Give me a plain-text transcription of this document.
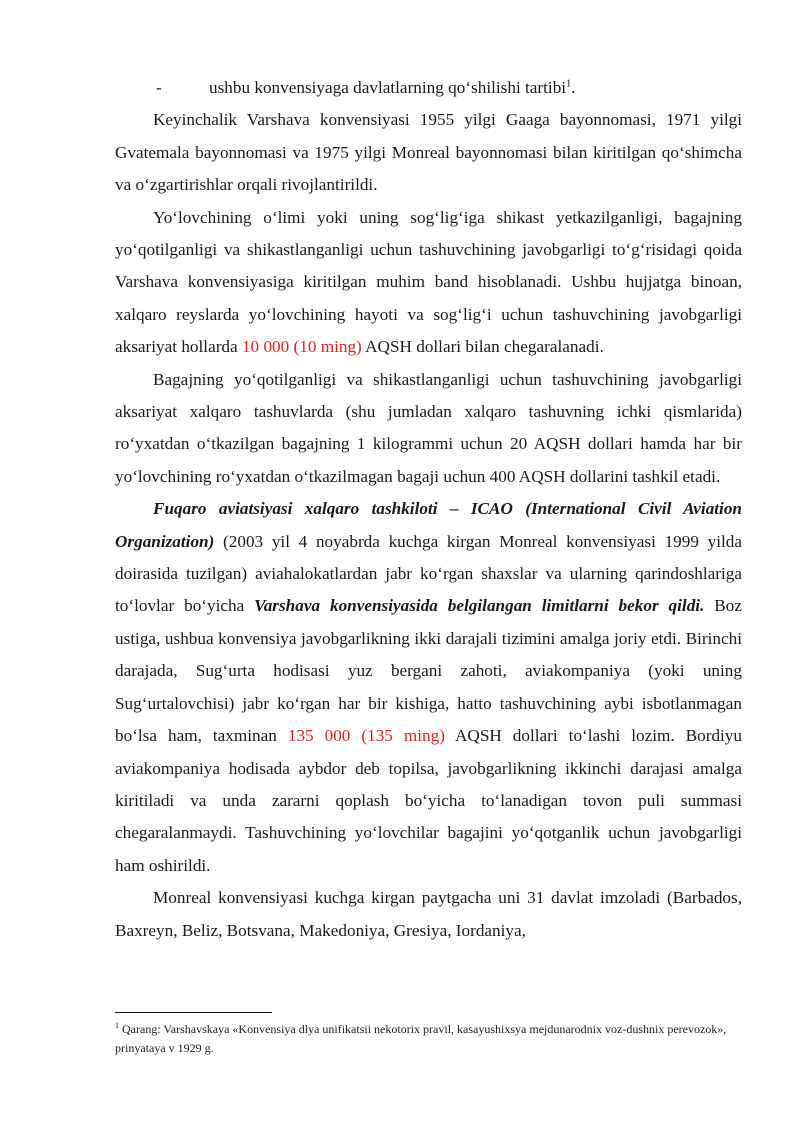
-	ushbu konvensiyaga davlatlarning qo‘shilishi tartibi$^1$.

Keyinchalik Varshava konvensiyasi 1955 yilgi Gaaga bayonnomasi, 1971 yilgi Gvatemala bayonnomasi va 1975 yilgi Monreal bayonnomasi bilan kiritilgan qo‘shimcha va o‘zgartirishlar orqali rivojlantirildi.

Yo‘lovchining o‘limi yoki uning sog‘lig‘iga shikast yetkazilganligi, bagajning yo‘qotilganligi va shikastlanganligi uchun tashuvchining javobgarligi to‘g‘risidagi qoida Varshava konvensiyasiga kiritilgan muhim band hisoblanadi. Ushbu hujjatga binoan, xalqaro reyslarda yo‘lovchining hayoti va sog‘lig‘i uchun tashuvchining javobgarligi aksariyat hollarda 10 000 (10 ming) AQSH dollari bilan chegaralanadi.

Bagajning yo‘qotilganligi va shikastlanganligi uchun tashuvchining javobgarligi aksariyat xalqaro tashuvlarda (shu jumladan xalqaro tashuvning ichki qismlarida) ro‘yxatdan o‘tkazilgan bagajning 1 kilogrammi uchun 20 AQSH dollari hamda har bir yo‘lovchining ro‘yxatdan o‘tkazilmagan bagaji uchun 400 AQSH dollarini tashkil etadi.

Fuqaro aviatsiyasi xalqaro tashkiloti – ICAO (International Civil Aviation Organization) (2003 yil 4 noyabrda kuchga kirgan Monreal konvensiyasi 1999 yilda doirasida tuzilgan) aviahalokatlardan jabr ko‘rgan shaxslar va ularning qarindoshlariga to‘lovlar bo‘yicha Varshava konvensiyasida belgilangan limitlarni bekor qildi. Boz ustiga, ushbua konvensiya javobgarlikning ikki darajali tizimini amalga joriy etdi. Birinchi darajada, Sug‘urta hodisasi yuz bergani zahoti, aviakompaniya (yoki uning Sug‘urtalovchisi) jabr ko‘rgan har bir kishiga, hatto tashuvchining aybi isbotlanmagan bo‘lsa ham, taxminan 135 000 (135 ming) AQSH dollari to‘lashi lozim. Bordiyu aviakompaniya hodisada aybdor deb topilsa, javobgarlikning ikkinchi darajasi amalga kiritiladi va unda zararni qoplash bo‘yicha to‘lanadigan tovon puli summasi chegaralanmaydi. Tashuvchining yo‘lovchilar bagajini yo‘qotganlik uchun javobgarligi ham oshirildi.

Monreal konvensiyasi kuchga kirgan paytgacha uni 31 davlat imzoladi (Barbados, Baxreyn, Beliz, Botsvana, Makedoniya, Gresiya, Iordaniya,

$^1$ Qarang: Varshavskaya «Konvensiya dlya unifikatsii nekotorix pravil, kasayushixsya mejdunarodnix voz-dushnix perevozok», prinyataya v 1929 g.
